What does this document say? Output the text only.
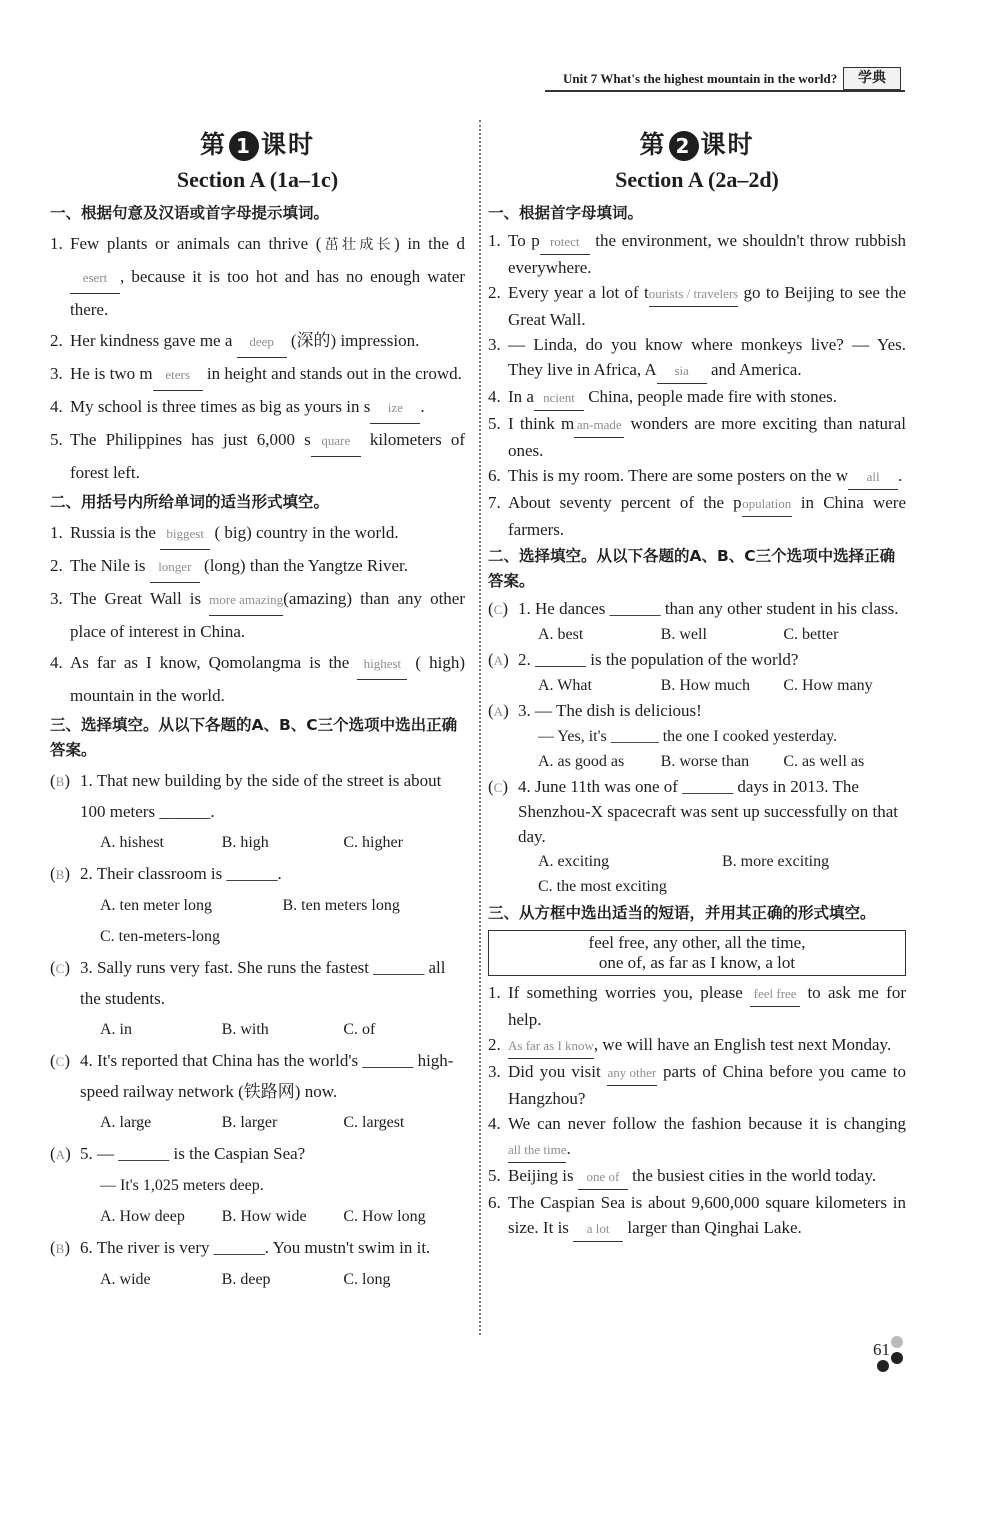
Unit 7 What's the highest mountain in the world?	学典
第 1 课时
Section A (1a–1c)
一、根据句意及汉语或首字母提示填词。
1. Few plants or animals can thrive (茁壮成长) in the desert , because it is too hot and has no enough water there.
2. Her kindness gave me a deep (深的) impression.
3. He is two m eters in height and stands out in the crowd.
4. My school is three times as big as yours in s ize .
5. The Philippines has just 6,000 s quare kilometers of forest left.
二、用括号内所给单词的适当形式填空。
1. Russia is the biggest ( big) country in the world.
2. The Nile is longer (long) than the Yangtze River.
3. The Great Wall is more amazing(amazing) than any other place of interest in China.
4. As far as I know, Qomolangma is the highest ( high) mountain in the world.
三、选择填空。从以下各题的A、B、C三个选项中选出正确答案。
(B) 1. That new building by the side of the street is about 100 meters ______.
A. hishest	B. high	C. higher
(B) 2. Their classroom is ______.
A. ten meter long	B. ten meters long
C. ten-meters-long
(C) 3. Sally runs very fast. She runs the fastest ______ all the students.
A. in	B. with	C. of
(C) 4. It's reported that China has the world's ______ high-speed railway network (铁路网) now.
A. large	B. larger	C. largest
(A) 5. — ______ is the Caspian Sea?
— It's 1,025 meters deep.
A. How deep	B. How wide	C. How long
(B) 6. The river is very ______. You mustn't swim in it.
A. wide	B. deep	C. long
第 2 课时
Section A (2a–2d)
一、根据首字母填词。
1. To p rotect the environment, we shouldn't throw rubbish everywhere.
2. Every year a lot of tourists / travelers go to Beijing to see the Great Wall.
3. — Linda, do you know where monkeys live? — Yes. They live in Africa, A sia and America.
4. In a ncient China, people made fire with stones.
5. I think m an-made wonders are more exciting than natural ones.
6. This is my room. There are some posters on the w all .
7. About seventy percent of the population in China were farmers.
二、选择填空。从以下各题的A、B、C三个选项中选择正确答案。
(C) 1. He dances ______ than any other student in his class.
A. best	B. well	C. better
(A) 2. ______ is the population of the world?
A. What	B. How much	C. How many
(A) 3. — The dish is delicious!
— Yes, it's ______ the one I cooked yesterday.
A. as good as	B. worse than	C. as well as
(C) 4. June 11th was one of ______ days in 2013. The Shenzhou-X spacecraft was sent up successfully on that day.
A. exciting	B. more exciting
C. the most exciting
三、从方框中选出适当的短语，并用其正确的形式填空。
feel free, any other, all the time,
one of, as far as I know, a lot
1. If something worries you, please feel free to ask me for help.
2. As far as I know, we will have an English test next Monday.
3. Did you visit any other parts of China before you came to Hangzhou?
4. We can never follow the fashion because it is changing all the time.
5. Beijing is one of the busiest cities in the world today.
6. The Caspian Sea is about 9,600,000 square kilometers in size. It is a lot larger than Qinghai Lake.
61
